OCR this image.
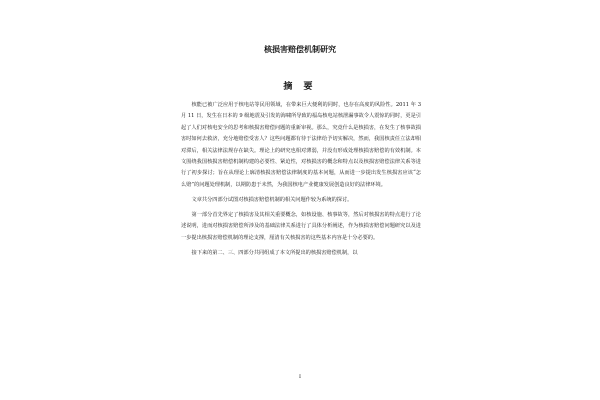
核损害赔偿机制研究
摘 要

核能已被广泛应用于核电站等民用领域，在带来巨大便利的同时，也存在高度的风险性。2011 年 3 月 11 日，发生在日本的 9 级地震及引发的海啸所导致的福岛核电站核泄漏事故令人震惊的同时，更是引起了人们对核电安全的思考和核损害赔偿问题的重新审视。那么，究竟什么是核损害，在发生了核事故损害时如何去救济，充分地赔偿受害人？这些问题都有待于法律给予切实解决，然而，我国核责任立法却相对滞后，相关法律法规存在缺失。理论上的研究也相对薄弱，并没有形成处理核损害赔偿的有效机制。本文围绕我国核损害赔偿机制构建的必要性、紧迫性，对核损害的概念和特点以及核损害赔偿法律关系等进行了初步探讨；旨在从理论上廓清核损害赔偿法律制度的基本问题，从而进一步提出发生核损害应该“怎么赔”的问题处理机制，以期防患于未然，为我国核电产业健康发展创造良好的法律环境。

文章共分四部分试图对核损害赔偿机制的相关问题作较为系统的探讨。

第一部分首先界定了核损害及其相关重要概念，如核设施、核事故等，然后对核损害的特点进行了论述说明，进而对核损害赔偿所涉及的基础法律关系进行了具体分析阐述，作为核损害赔偿问题研究以及进一步提出核损害赔偿机制的理论支撑，厘清有关核损害的这些基本内容是十分必要的。

接下来的第二、三、四部分共同组成了本文所提出的核损害赔偿机制，以

I
